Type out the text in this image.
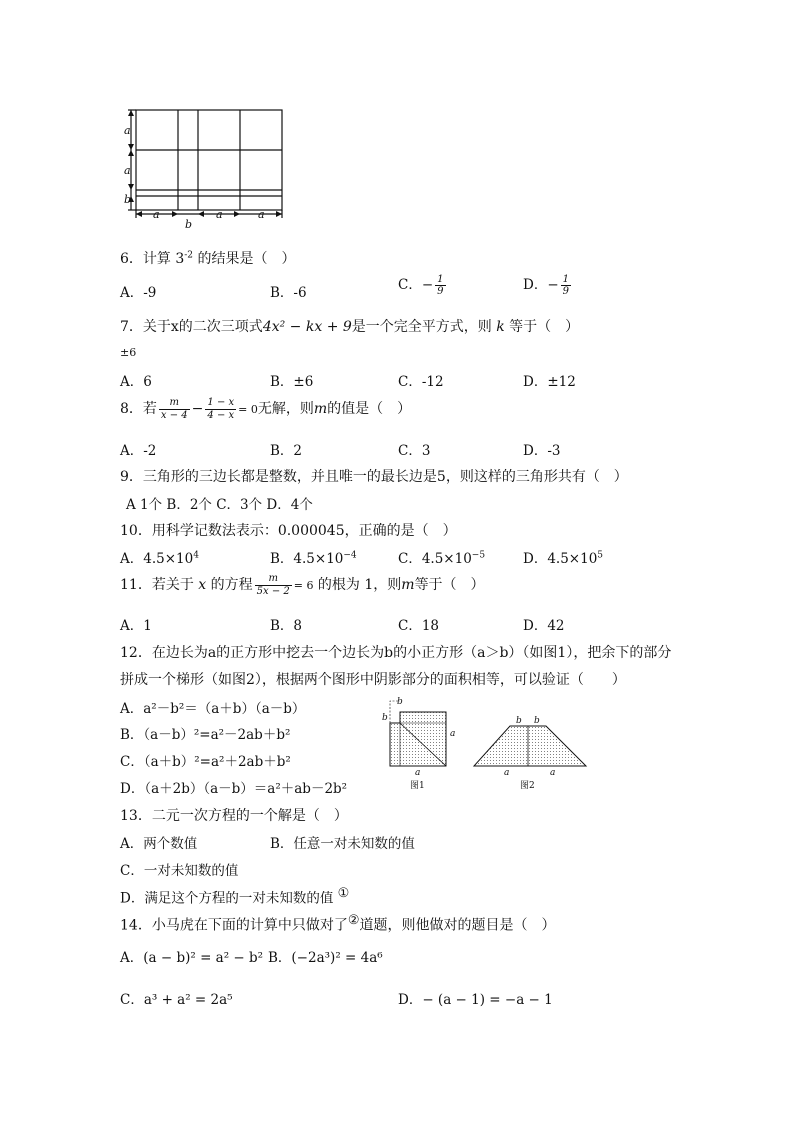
a
a
b
a
b
a	a
6．计算 $3^{-2}$ 的结果是（　）
A．-9	B．-6	C．− $\frac{1}{9}$	D．− $\frac{1}{9}$
7．关于x的二次三项式4x² − kx + 9是一个完全平方式，则 k 等于（　）
±6
A．6	B．±6	C．-12	D．±12
8．若 $\frac{m}{x - 4} - \frac{1 - x}{4 - x} = 0$无解，则m的值是（　）
A．-2	B．2	C．3	D．-3
9．三角形的三边长都是整数，并且唯一的最长边是5，则这样的三角形共有（　）
A 1个 B．2个 C．3个 D．4个
10．用科学记数法表示：0.000045，正确的是（　）
A．$4.5\times 10^4$	B．$4.5\times 10^{-4}$	C．$4.5\times 10^{-5}$	D．$4.5\times 10^5$
11．若关于 x 的方程 $\frac{m}{5x - 2} = 6$ 的根为 1，则m等于（　）
A．1	B．8	C．18	D．42
12．在边长为a的正方形中挖去一个边长为b的小正方形（a＞b）（如图1），把余下的部分
拼成一个梯形（如图2），根据两个图形中阴影部分的面积相等，可以验证（　　）
A．a²－b²＝（a＋b）（a－b）
B．（a－b）²=a²－2ab＋b²
C．（a＋b）²=a²＋2ab＋b²
D．（a＋2b）（a－b）＝a²＋ab－2b²
b
b
a
a
图1
b b
a	a
图2
13．二元一次方程的一个解是（　）
A．两个数值	B．任意一对未知数的值
C．一对未知数的值
D．满足这个方程的一对未知数的值 ①
14．小马虎在下面的计算中只做对了②道题，则他做对的题目是（　）
A．(a − b)² = a² − b² B．(−2a³)² = 4a⁶
C．a³ + a² = 2a⁵	D．− (a − 1) = −a − 1
